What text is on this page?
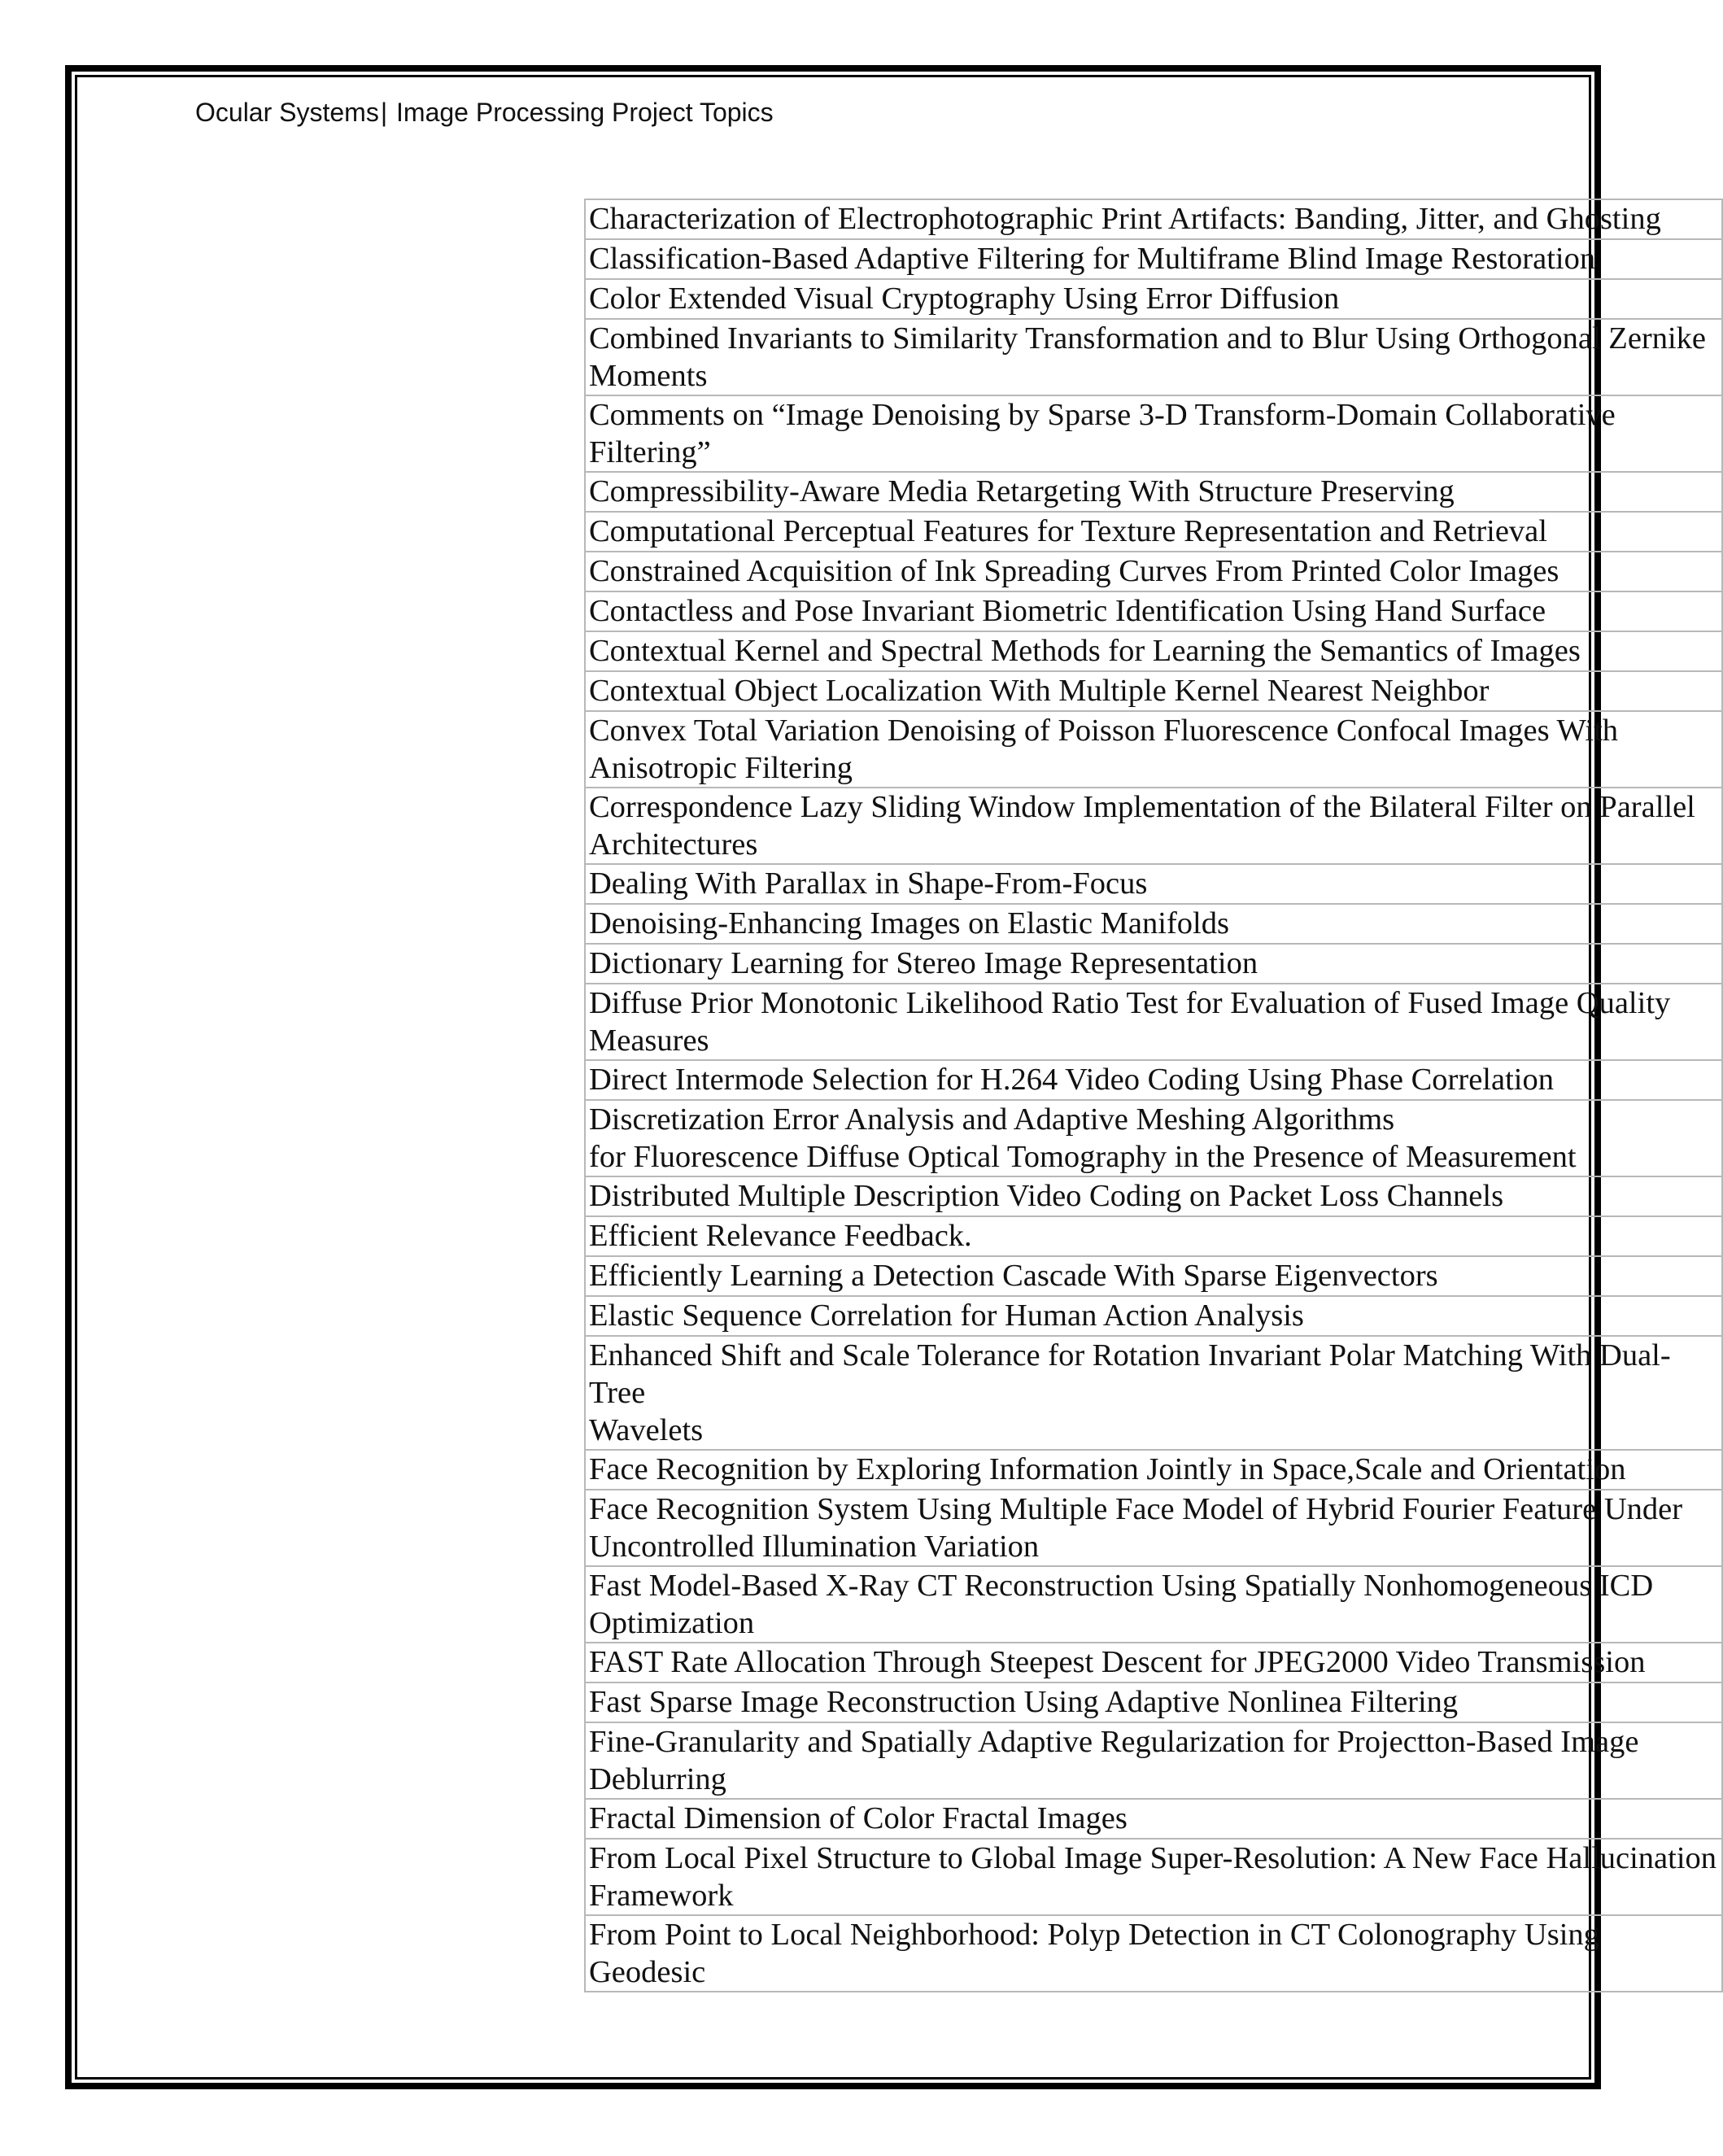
Ocular Systems| Image Processing Project Topics
Characterization of Electrophotographic Print Artifacts: Banding, Jitter, and Ghosting
Classification-Based Adaptive Filtering for Multiframe Blind Image Restoration
Color Extended Visual Cryptography Using Error Diffusion
Combined Invariants to Similarity Transformation and to Blur Using Orthogonal Zernike
Moments
Comments on “Image Denoising by Sparse 3-D Transform-Domain Collaborative Filtering”
Compressibility-Aware Media Retargeting With Structure Preserving
Computational Perceptual Features for Texture Representation and Retrieval
Constrained Acquisition of Ink Spreading Curves From Printed Color Images
Contactless and Pose Invariant Biometric Identification Using Hand Surface
Contextual Kernel and Spectral Methods for Learning the Semantics of Images
Contextual Object Localization With Multiple Kernel Nearest Neighbor
Convex Total Variation Denoising of Poisson Fluorescence Confocal Images With
Anisotropic Filtering
Correspondence Lazy Sliding Window Implementation of the Bilateral Filter on Parallel
Architectures
Dealing With Parallax in Shape-From-Focus
Denoising-Enhancing Images on Elastic Manifolds
Dictionary Learning for Stereo Image Representation
Diffuse Prior Monotonic Likelihood Ratio Test for Evaluation of Fused Image Quality
Measures
Direct Intermode Selection for H.264 Video Coding Using Phase Correlation
Discretization Error Analysis and Adaptive Meshing Algorithms
for Fluorescence Diffuse Optical Tomography in the Presence of Measurement
Distributed Multiple Description Video Coding on Packet Loss Channels
Efficient Relevance Feedback.
Efficiently Learning a Detection Cascade With Sparse Eigenvectors
Elastic Sequence Correlation for Human Action Analysis
Enhanced Shift and Scale Tolerance for Rotation Invariant Polar Matching With Dual-Tree
Wavelets
Face Recognition by Exploring Information Jointly in Space,Scale and Orientation
Face Recognition System Using Multiple Face Model of Hybrid Fourier Feature Under
Uncontrolled Illumination Variation
Fast Model-Based X-Ray CT Reconstruction Using Spatially Nonhomogeneous ICD
Optimization
FAST Rate Allocation Through Steepest Descent for JPEG2000 Video Transmission
Fast Sparse Image Reconstruction Using Adaptive Nonlinea Filtering
Fine-Granularity and Spatially Adaptive Regularization for Projectton-Based Image
Deblurring
Fractal Dimension of Color Fractal Images
From Local Pixel Structure to Global Image Super-Resolution: A New Face Hallucination
Framework
From Point to Local Neighborhood: Polyp Detection in CT Colonography Using Geodesic
